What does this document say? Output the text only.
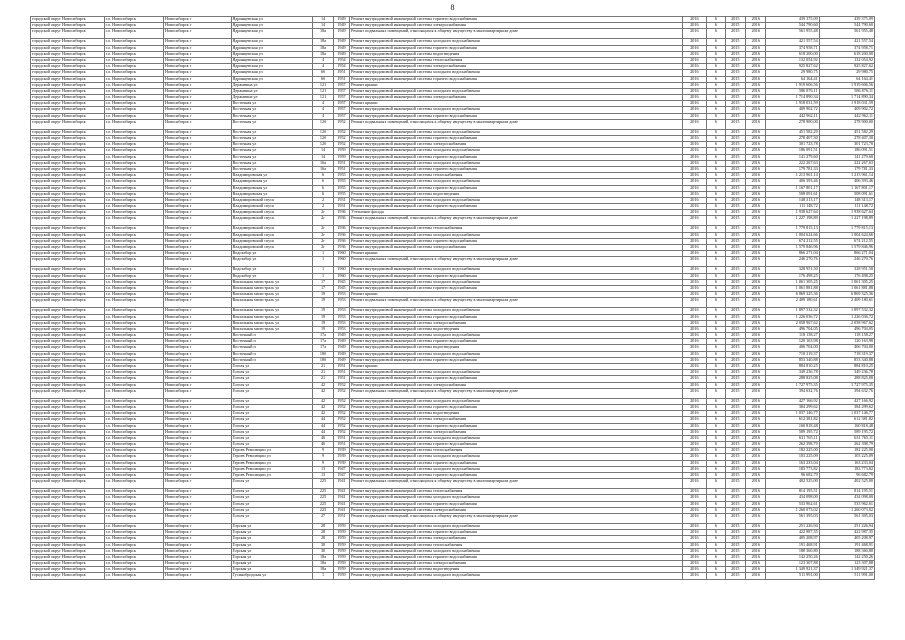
8
городской округ Новосибирск	г.о. Новосибирск	Новосибирск г	Ядринцевская ул	14	1949	Ремонт внутридомовой инженерной системы горячего водоснабжения	2016	6	2015	2016	439 375,09	439 375,09
городской округ Новосибирск	г.о. Новосибирск	Новосибирск г	Ядринцевская ул	14	1949	Ремонт внутридомовой инженерной системы электроснабжения	2016	6	2015	2016	544 790,60	544 790,60
городской округ Новосибирск	г.о. Новосибирск	Новосибирск г	Ядринцевская ул	18а	1949	Ремонт подвальных помещений, относящихся к общему имуществу в многоквартирном доме	2016	6	2015	2016	561 955,48	561 955,48
городской округ Новосибирск	г.о. Новосибирск	Новосибирск г	Ядринцевская ул	18а	1949	Ремонт внутридомовой инженерной системы холодного водоснабжения	2016	6	2015	2016	421 557,54	421 557,54
городской округ Новосибирск	г.о. Новосибирск	Новосибирск г	Ядринцевская ул	18а	1949	Ремонт внутридомовой инженерной системы горячего водоснабжения	2016	6	2015	2016	374 958,71	374 958,71
городской округ Новосибирск	г.о. Новосибирск	Новосибирск г	Ядринцевская ул	18а	1949	Ремонт внутридомовой инженерной системы водоотведения	2016	6	2015	2016	618 200,00	618 200,00
городской округ Новосибирск	г.о. Новосибирск	Новосибирск г	Ядринцевская ул	4	1954	Ремонт внутридомовой инженерной системы теплоснабжения	2016	6	2015	2016	132 054,92	132 054,92
городской округ Новосибирск	г.о. Новосибирск	Новосибирск г	Ядринцевская ул	4	1954	Ремонт внутридомовой инженерной системы электроснабжения	2016	6	2015	2016	925 827,62	925 827,62
городской округ Новосибирск	г.о. Новосибирск	Новосибирск г	Ядринцевская ул	6б	1951	Ремонт внутридомовой инженерной системы холодного водоснабжения	2016	6	2015	2016	29 980,75	29 980,75
городской округ Новосибирск	г.о. Новосибирск	Новосибирск г	Ядринцевская ул	6б	1951	Ремонт внутридомовой инженерной системы горячего водоснабжения	2016	6	2015	2016	64 164,41	64 164,41
городской округ Новосибирск	г.о. Новосибирск	Новосибирск г	Державина ул	121	1957	Ремонт крыши	2016	6	2015	2016	1 919 606,56	1 919 606,56
городской округ Новосибирск	г.о. Новосибирск	Новосибирск г	Державина ул	121	1957	Ремонт внутридомовой инженерной системы холодного водоснабжения	2016	6	2015	2016	586 876,11	586 876,11
городской округ Новосибирск	г.о. Новосибирск	Новосибирск г	Державина ул	121	1957	Ремонт внутридомовой инженерной системы электроснабжения	2016	6	2015	2016	1 714 890,34	1 714 890,34
городской округ Новосибирск	г.о. Новосибирск	Новосибирск г	Восточная ул	4	1957	Ремонт крыши	2016	6	2015	2016	1 918 031,59	1 918 031,59
городской округ Новосибирск	г.о. Новосибирск	Новосибирск г	Восточная ул	4	1957	Ремонт внутридомовой инженерной системы холодного водоснабжения	2016	6	2015	2016	409 902,72	409 902,72
городской округ Новосибирск	г.о. Новосибирск	Новосибирск г	Восточная ул	4	1957	Ремонт внутридомовой инженерной системы горячего водоснабжения	2016	6	2015	2016	442 962,11	442 962,11
городской округ Новосибирск	г.о. Новосибирск	Новосибирск г	Восточная ул	12б	1952	Ремонт подвальных помещений, относящихся к общему имуществу в многоквартирном доме	2016	6	2015	2016	278 900,00	278 900,00
городской округ Новосибирск	г.о. Новосибирск	Новосибирск г	Восточная ул	12б	1952	Ремонт внутридомовой инженерной системы холодного водоснабжения	2016	6	2015	2016	451 582,29	451 582,29
городской округ Новосибирск	г.о. Новосибирск	Новосибирск г	Восточная ул	12б	1952	Ремонт внутридомовой инженерной системы горячего водоснабжения	2016	6	2015	2016	278 407,30	278 407,30
городской округ Новосибирск	г.о. Новосибирск	Новосибирск г	Восточная ул	12б	1952	Ремонт внутридомовой инженерной системы электроснабжения	2016	6	2015	2016	301 723,78	301 723,78
городской округ Новосибирск	г.о. Новосибирск	Новосибирск г	Восточная ул	14	1959	Ремонт внутридомовой инженерной системы холодного водоснабжения	2016	6	2015	2016	186 091,51	186 091,51
городской округ Новосибирск	г.о. Новосибирск	Новосибирск г	Восточная ул	14	1959	Ремонт внутридомовой инженерной системы горячего водоснабжения	2016	6	2015	2016	141 279,60	141 279,60
городской округ Новосибирск	г.о. Новосибирск	Новосибирск г	Восточная ул	16а	1951	Ремонт внутридомовой инженерной системы холодного водоснабжения	2016	6	2015	2016	222 267,63	222 267,63
городской округ Новосибирск	г.о. Новосибирск	Новосибирск г	Восточная ул	16а	1951	Ремонт внутридомовой инженерной системы горячего водоснабжения	2016	6	2015	2016	179 781,33	179 781,33
городской округ Новосибирск	г.о. Новосибирск	Новосибирск г	Владимировская ул	6	1955	Ремонт внутридомовой инженерной системы теплоснабжения	2016	6	2015	2016	1 213 961,14	1 213 961,14
городской округ Новосибирск	г.о. Новосибирск	Новосибирск г	Владимировская ул	6	1955	Ремонт внутридомовой инженерной системы холодного водоснабжения	2016	6	2015	2016	406 393,46	406 393,46
городской округ Новосибирск	г.о. Новосибирск	Новосибирск г	Владимировская ул	6	1955	Ремонт внутридомовой инженерной системы горячего водоснабжения	2016	6	2015	2016	1 167 801,17	1 167 801,17
городской округ Новосибирск	г.о. Новосибирск	Новосибирск г	Владимировская ул	6	1955	Ремонт внутридомовой инженерной системы водоотведения	2016	6	2015	2016	508 091,61	508 091,61
городской округ Новосибирск	г.о. Новосибирск	Новосибирск г	Владимировский спуск	2	1931	Ремонт внутридомовой инженерной системы холодного водоснабжения	2016	6	2015	2016	148 313,17	148 313,17
городской округ Новосибирск	г.о. Новосибирск	Новосибирск г	Владимировский спуск	2	1931	Ремонт внутридомовой инженерной системы горячего водоснабжения	2016	6	2015	2016	111 148,72	111 148,72
городской округ Новосибирск	г.о. Новосибирск	Новосибирск г	Владимировский спуск	2г	1936	Утепление фасада	2016	6	2015	2016	1 938 627,64	1 938 627,64
городской округ Новосибирск	г.о. Новосибирск	Новосибирск г	Владимировский спуск	2г	1936	Ремонт подвальных помещений, относящихся к общему имуществу в многоквартирном доме	2016	6	2015	2016	1 227 198,89	1 227 198,89
городской округ Новосибирск	г.о. Новосибирск	Новосибирск г	Владимировский спуск	2г	1936	Ремонт внутридомовой инженерной системы теплоснабжения	2016	6	2015	2016	1 779 815,13	1 779 815,13
городской округ Новосибирск	г.о. Новосибирск	Новосибирск г	Владимировский спуск	2г	1936	Ремонт внутридомовой инженерной системы холодного водоснабжения	2016	6	2015	2016	1 004 624,66	1 004 624,66
городской округ Новосибирск	г.о. Новосибирск	Новосибирск г	Владимировский спуск	2г	1936	Ремонт внутридомовой инженерной системы горячего водоснабжения	2016	6	2015	2016	674 212,55	674 212,55
городской округ Новосибирск	г.о. Новосибирск	Новосибирск г	Владимировский спуск	2г	1936	Ремонт внутридомовой инженерной системы электроснабжения	2016	6	2015	2016	1 579 846,96	1 579 846,96
городской округ Новосибирск	г.о. Новосибирск	Новосибирск г	Водозабор ул	1	1960	Ремонт крыши	2016	6	2015	2016	866 271,04	866 271,04
городской округ Новосибирск	г.о. Новосибирск	Новосибирск г	Водозабор ул	1	1960	Ремонт подвальных помещений, относящихся к общему имуществу в многоквартирном доме	2016	6	2015	2016	246 270,76	246 270,76
городской округ Новосибирск	г.о. Новосибирск	Новосибирск г	Водозабор ул	1	1960	Ремонт внутридомовой инженерной системы холодного водоснабжения	2016	6	2015	2016	328 951,50	328 951,50
городской округ Новосибирск	г.о. Новосибирск	Новосибирск г	Водозабор ул	1	1960	Ремонт внутридомовой инженерной системы горячего водоснабжения	2016	6	2015	2016	176 498,25	176 498,25
городской округ Новосибирск	г.о. Новосибирск	Новосибирск г	Вокзальная магистраль ул	17	1945	Ремонт внутридомовой инженерной системы холодного водоснабжения	2016	6	2015	2016	1 061 305,25	1 061 305,25
городской округ Новосибирск	г.о. Новосибирск	Новосибирск г	Вокзальная магистраль ул	17	1945	Ремонт внутридомовой инженерной системы горячего водоснабжения	2016	6	2015	2016	1 061 881,88	1 061 881,88
городской округ Новосибирск	г.о. Новосибирск	Новосибирск г	Вокзальная магистраль ул	19	1953	Ремонт крыши	2016	6	2015	2016	6 869 325,36	6 869 325,36
городской округ Новосибирск	г.о. Новосибирск	Новосибирск г	Вокзальная магистраль ул	19	1953	Ремонт подвальных помещений, относящихся к общему имуществу в многоквартирном доме	2016	6	2015	2016	2 409 180,61	2 409 180,61
городской округ Новосибирск	г.о. Новосибирск	Новосибирск г	Вокзальная магистраль ул	19	1953	Ремонт внутридомовой инженерной системы холодного водоснабжения	2016	6	2015	2016	1 897 532,32	1 897 532,32
городской округ Новосибирск	г.о. Новосибирск	Новосибирск г	Вокзальная магистраль ул	19	1953	Ремонт внутридомовой инженерной системы горячего водоснабжения	2016	6	2015	2016	1 226 036,72	1 226 036,72
городской округ Новосибирск	г.о. Новосибирск	Новосибирск г	Вокзальная магистраль ул	19	1953	Ремонт внутридомовой инженерной системы электроснабжения	2016	6	2015	2016	2 058 967,62	2 058 967,62
городской округ Новосибирск	г.о. Новосибирск	Новосибирск г	Вокзальная магистраль ул	19	1953	Ремонт внутридомовой инженерной системы водоотведения	2016	6	2015	2016	496 704,05	496 704,05
городской округ Новосибирск	г.о. Новосибирск	Новосибирск г	Восточный п	17а	1949	Ремонт внутридомовой инженерной системы холодного водоснабжения	2016	6	2015	2016	118 158,27	118 158,27
городской округ Новосибирск	г.о. Новосибирск	Новосибирск г	Восточный п	17а	1949	Ремонт внутридомовой инженерной системы горячего водоснабжения	2016	6	2015	2016	120 163,98	120 163,98
городской округ Новосибирск	г.о. Новосибирск	Новосибирск г	Восточный п	17а	1949	Ремонт внутридомовой инженерной системы водоотведения	2016	6	2015	2016	406 704,00	406 704,00
городской округ Новосибирск	г.о. Новосибирск	Новосибирск г	Восточный п	18б	1949	Ремонт внутридомовой инженерной системы холодного водоснабжения	2016	6	2015	2016	718 319,37	718 319,37
городской округ Новосибирск	г.о. Новосибирск	Новосибирск г	Восточный п	18б	1949	Ремонт внутридомовой инженерной системы горячего водоснабжения	2016	6	2015	2016	853 340,88	853 340,88
городской округ Новосибирск	г.о. Новосибирск	Новосибирск г	Гоголя ул	21	1951	Ремонт крыши	2016	6	2015	2016	884 810,25	884 810,25
городской округ Новосибирск	г.о. Новосибирск	Новосибирск г	Гоголя ул	21	1951	Ремонт внутридомовой инженерной системы холодного водоснабжения	2016	6	2015	2016	349 236,78	349 236,78
городской округ Новосибирск	г.о. Новосибирск	Новосибирск г	Гоголя ул	21	1951	Ремонт внутридомовой инженерной системы горячего водоснабжения	2016	6	2015	2016	288 825,08	288 825,08
городской округ Новосибирск	г.о. Новосибирск	Новосибирск г	Гоголя ул	42	1952	Ремонт внутридомовой инженерной системы электроснабжения	2016	6	2015	2016	1 727 975,35	1 727 975,35
городской округ Новосибирск	г.о. Новосибирск	Новосибирск г	Гоголя ул	42	1952	Ремонт подвальных помещений, относящихся к общему имуществу в многоквартирном доме	2016	6	2015	2016	394 632,76	394 632,76
городской округ Новосибирск	г.о. Новосибирск	Новосибирск г	Гоголя ул	42	1952	Ремонт внутридомовой инженерной системы холодного водоснабжения	2016	6	2015	2016	427 166,92	427 166,92
городской округ Новосибирск	г.о. Новосибирск	Новосибирск г	Гоголя ул	42	1952	Ремонт внутридомовой инженерной системы горячего водоснабжения	2016	6	2015	2016	384 299,62	384 299,62
городской округ Новосибирск	г.о. Новосибирск	Новосибирск г	Гоголя ул	42	1952	Ремонт внутридомовой инженерной системы водоотведения	2016	6	2015	2016	1 037 146,77	1 037 146,77
городской округ Новосибирск	г.о. Новосибирск	Новосибирск г	Гоголя ул	44	1952	Ремонт внутридомовой инженерной системы электроснабжения	2016	6	2015	2016	612 381,82	612 381,82
городской округ Новосибирск	г.о. Новосибирск	Новосибирск г	Гоголя ул	44	1952	Ремонт внутридомовой инженерной системы горячего водоснабжения	2016	6	2015	2016	160 818,48	160 818,48
городской округ Новосибирск	г.о. Новосибирск	Новосибирск г	Гоголя ул	44	1952	Ремонт внутридомовой инженерной системы электроснабжения	2016	6	2015	2016	589 195,72	589 195,72
городской округ Новосибирск	г.о. Новосибирск	Новосибирск г	Гоголя ул	46	1951	Ремонт внутридомовой инженерной системы холодного водоснабжения	2016	6	2015	2016	631 765,11	631 765,11
городской округ Новосибирск	г.о. Новосибирск	Новосибирск г	Гоголя ул	46	1951	Ремонт внутридомовой инженерной системы горячего водоснабжения	2016	6	2015	2016	262 398,79	262 398,79
городской округ Новосибирск	г.о. Новосибирск	Новосибирск г	Героев Революции ул	9	1939	Ремонт внутридомовой инженерной системы теплоснабжения	2016	6	2015	2016	182 225,00	182 225,00
городской округ Новосибирск	г.о. Новосибирск	Новосибирск г	Героев Революции ул	9	1939	Ремонт внутридомовой инженерной системы холодного водоснабжения	2016	6	2015	2016	103 225,09	103 225,09
городской округ Новосибирск	г.о. Новосибирск	Новосибирск г	Героев Революции ул	9	1939	Ремонт внутридомовой инженерной системы горячего водоснабжения	2016	6	2015	2016	163 233,04	163 233,04
городской округ Новосибирск	г.о. Новосибирск	Новосибирск г	Героев Революции ул	13	1947	Ремонт внутридомовой инженерной системы холодного водоснабжения	2016	6	2015	2016	183 773,82	183 773,82
городской округ Новосибирск	г.о. Новосибирск	Новосибирск г	Героев Революции ул	13	1947	Ремонт внутридомовой инженерной системы горячего водоснабжения	2016	6	2015	2016	96 682,79	96 682,79
городской округ Новосибирск	г.о. Новосибирск	Новосибирск г	Гоголя ул	225	1941	Ремонт подвальных помещений, относящихся к общему имуществу в многоквартирном доме	2016	6	2015	2016	402 525,00	402 525,00
городской округ Новосибирск	г.о. Новосибирск	Новосибирск г	Гоголя ул	225	1941	Ремонт внутридомовой инженерной системы теплоснабжения	2016	6	2015	2016	814 195,51	814 195,51
городской округ Новосибирск	г.о. Новосибирск	Новосибирск г	Гоголя ул	225	1941	Ремонт внутридомовой инженерной системы холодного водоснабжения	2016	6	2015	2016	434 098,00	434 098,00
городской округ Новосибирск	г.о. Новосибирск	Новосибирск г	Гоголя ул	225	1941	Ремонт внутридомовой инженерной системы горячего водоснабжения	2016	6	2015	2016	533 962,61	533 962,61
городской округ Новосибирск	г.о. Новосибирск	Новосибирск г	Гоголя ул	225	1941	Ремонт внутридомовой инженерной системы электроснабжения	2016	6	2015	2016	1 260 073,02	1 260 073,02
городской округ Новосибирск	г.о. Новосибирск	Новосибирск г	Гоголя ул	27	1951	Ремонт подвальных помещений, относящихся к общему имуществу в многоквартирном доме	2016	6	2015	2016	561 395,03	561 395,03
городской округ Новосибирск	г.о. Новосибирск	Новосибирск г	Горская ул	28	1959	Ремонт внутридомовой инженерной системы холодного водоснабжения	2016	6	2015	2016	251 226,94	251 226,94
городской округ Новосибирск	г.о. Новосибирск	Новосибирск г	Горская ул	28	1959	Ремонт внутридомовой инженерной системы горячего водоснабжения	2016	6	2015	2016	422 987,35	422 987,35
городской округ Новосибирск	г.о. Новосибирск	Новосибирск г	Горская ул	28	1959	Ремонт внутридомовой инженерной системы электроснабжения	2016	6	2015	2016	405 208,97	405 208,97
городской округ Новосибирск	г.о. Новосибирск	Новосибирск г	Горская ул	30	1959	Ремонт внутридомовой инженерной системы теплоснабжения	2016	6	2015	2016	191 468,91	191 468,91
городской округ Новосибирск	г.о. Новосибирск	Новосибирск г	Горская ул	30	1959	Ремонт внутридомовой инженерной системы холодного водоснабжения	2016	6	2015	2016	188 360,80	188 360,80
городской округ Новосибирск	г.о. Новосибирск	Новосибирск г	Горская ул	18а	1959	Ремонт внутридомовой инженерной системы горячего водоснабжения	2016	6	2015	2016	142 250,26	142 250,26
городской округ Новосибирск	г.о. Новосибирск	Новосибирск г	Горская ул	18а	1959	Ремонт внутридомовой инженерной системы электроснабжения	2016	6	2015	2016	123 307,88	123 307,88
городской округ Новосибирск	г.о. Новосибирск	Новосибирск г	Горская ул	18а	1959	Ремонт внутридомовой инженерной системы водоотведения	2016	6	2015	2016	1 349 921,37	1 349 921,37
городской округ Новосибирск	г.о. Новосибирск	Новосибирск г	Гусинобродская ул	1	1959	Ремонт внутридомовой инженерной системы холодного водоснабжения	2016	6	2015	2016	511 991,00	511 991,00
